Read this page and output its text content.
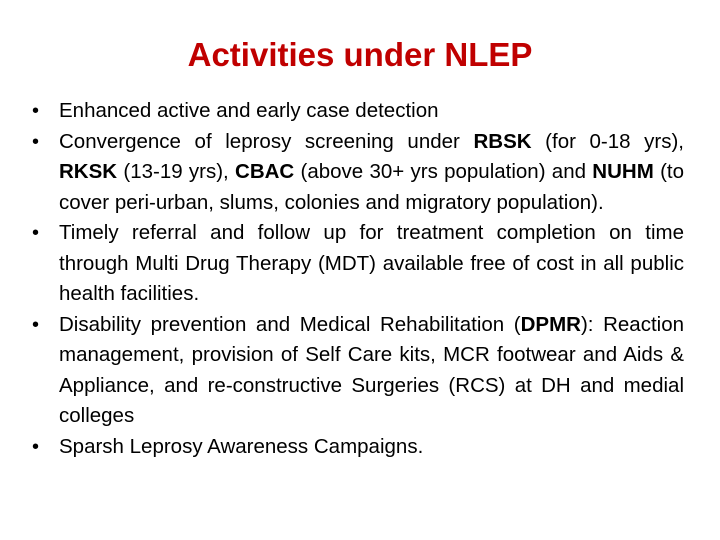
Activities under NLEP
• Enhanced active and early case detection
• Convergence of leprosy screening under RBSK (for 0-18 yrs), RKSK (13-19 yrs), CBAC (above 30+ yrs population) and NUHM (to cover peri-urban, slums, colonies and migratory population).
• Timely referral and follow up for treatment completion on time through Multi Drug Therapy (MDT) available free of cost in all public health facilities.
• Disability prevention and Medical Rehabilitation (DPMR): Reaction management, provision of Self Care kits, MCR footwear and Aids & Appliance, and re-constructive Surgeries (RCS) at DH and medial colleges
• Sparsh Leprosy Awareness Campaigns.
